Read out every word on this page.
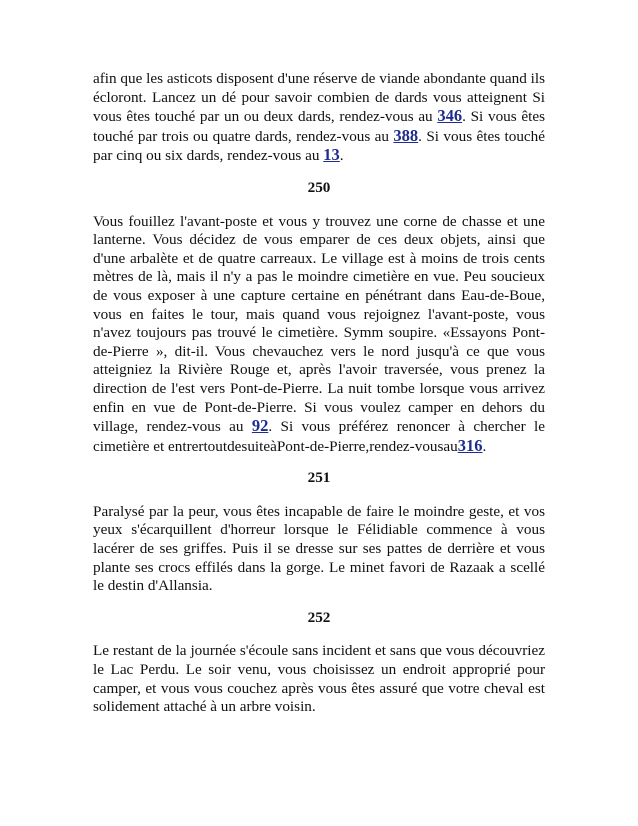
afin que les asticots disposent d'une réserve de viande abondante quand ils écloront. Lancez un dé pour savoir combien de dards vous atteignent Si vous êtes touché par un ou deux dards, rendez-vous au 346. Si vous êtes touché par trois ou quatre dards, rendez-vous au 388. Si vous êtes touché par cinq ou six dards, rendez-vous au 13.

250

Vous fouillez l'avant-poste et vous y trouvez une corne de chasse et une lanterne. Vous décidez de vous emparer de ces deux objets, ainsi que d'une arbalète et de quatre carreaux. Le village est à moins de trois cents mètres de là, mais il n'y a pas le moindre cimetière en vue. Peu soucieux de vous exposer à une capture certaine en pénétrant dans Eau-de-Boue, vous en faites le tour, mais quand vous rejoignez l'avant-poste, vous n'avez toujours pas trouvé le cimetière. Symm soupire. «Essayons Pont-de-Pierre », dit-il. Vous chevauchez vers le nord jusqu'à ce que vous atteigniez la Rivière Rouge et, après l'avoir traversée, vous prenez la direction de l'est vers Pont-de-Pierre. La nuit tombe lorsque vous arrivez enfin en vue de Pont-de-Pierre. Si vous voulez camper en dehors du village, rendez-vous au 92. Si vous préférez renoncer à chercher le cimetière et entrertoutdesuiteàPont-de-Pierre,rendez-vousau316.

251

Paralysé par la peur, vous êtes incapable de faire le moindre geste, et vos yeux s'écarquillent d'horreur lorsque le Félidiable commence à vous lacérer de ses griffes. Puis il se dresse sur ses pattes de derrière et vous plante ses crocs effilés dans la gorge. Le minet favori de Razaak a scellé le destin d'Allansia.

252

Le restant de la journée s'écoule sans incident et sans que vous découvriez le Lac Perdu. Le soir venu, vous choisissez un endroit approprié pour camper, et vous vous couchez après vous êtes assuré que votre cheval est solidement attaché à un arbre voisin.
